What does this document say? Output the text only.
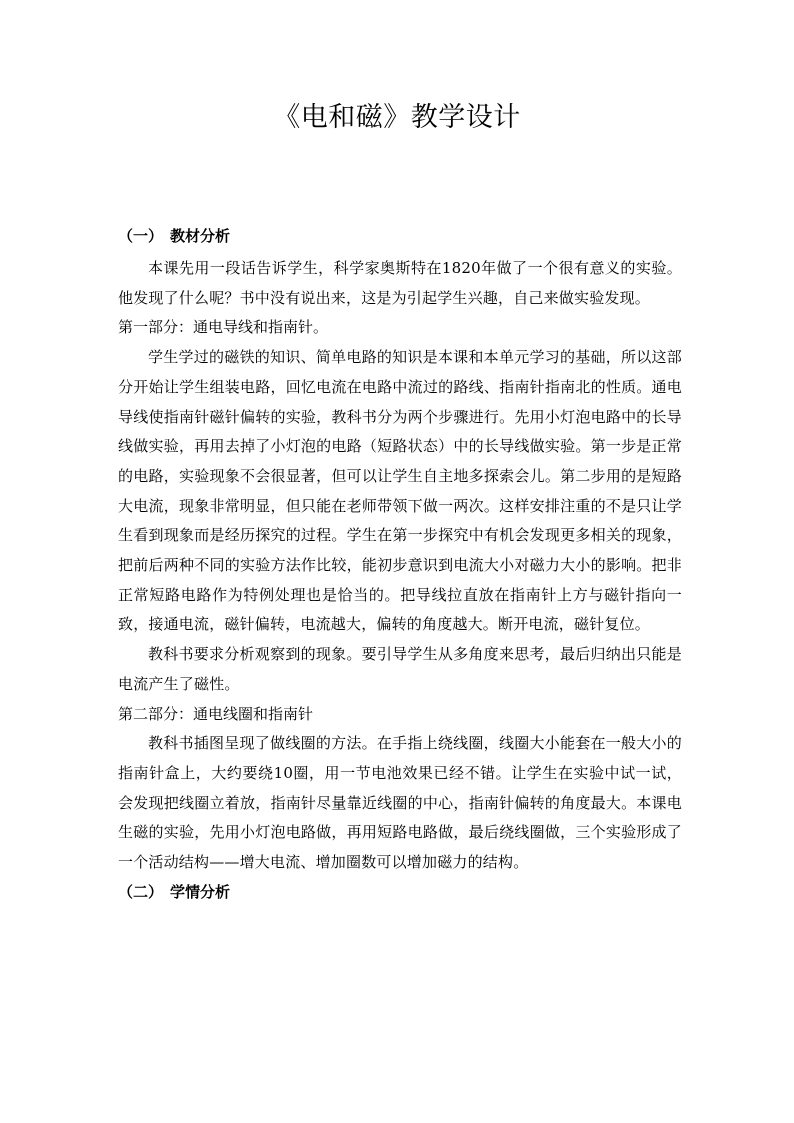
《电和磁》教学设计
（一） 教材分析

本课先用一段话告诉学生，科学家奥斯特在1820年做了一个很有意义的实验。他发现了什么呢？书中没有说出来，这是为引起学生兴趣，自己来做实验发现。

第一部分：通电导线和指南针。

学生学过的磁铁的知识、简单电路的知识是本课和本单元学习的基础，所以这部分开始让学生组装电路，回忆电流在电路中流过的路线、指南针指南北的性质。通电导线使指南针磁针偏转的实验，教科书分为两个步骤进行。先用小灯泡电路中的长导线做实验，再用去掉了小灯泡的电路（短路状态）中的长导线做实验。第一步是正常的电路，实验现象不会很显著，但可以让学生自主地多探索会儿。第二步用的是短路大电流，现象非常明显，但只能在老师带领下做一两次。这样安排注重的不是只让学生看到现象而是经历探究的过程。学生在第一步探究中有机会发现更多相关的现象，把前后两种不同的实验方法作比较，能初步意识到电流大小对磁力大小的影响。把非正常短路电路作为特例处理也是恰当的。把导线拉直放在指南针上方与磁针指向一致，接通电流，磁针偏转，电流越大，偏转的角度越大。断开电流，磁针复位。

教科书要求分析观察到的现象。要引导学生从多角度来思考，最后归纳出只能是电流产生了磁性。

第二部分：通电线圈和指南针

教科书插图呈现了做线圈的方法。在手指上绕线圈，线圈大小能套在一般大小的指南针盒上，大约要绕10圈，用一节电池效果已经不错。让学生在实验中试一试，会发现把线圈立着放，指南针尽量靠近线圈的中心，指南针偏转的角度最大。本课电生磁的实验，先用小灯泡电路做，再用短路电路做，最后绕线圈做，三个实验形成了一个活动结构——增大电流、增加圈数可以增加磁力的结构。

（二） 学情分析
